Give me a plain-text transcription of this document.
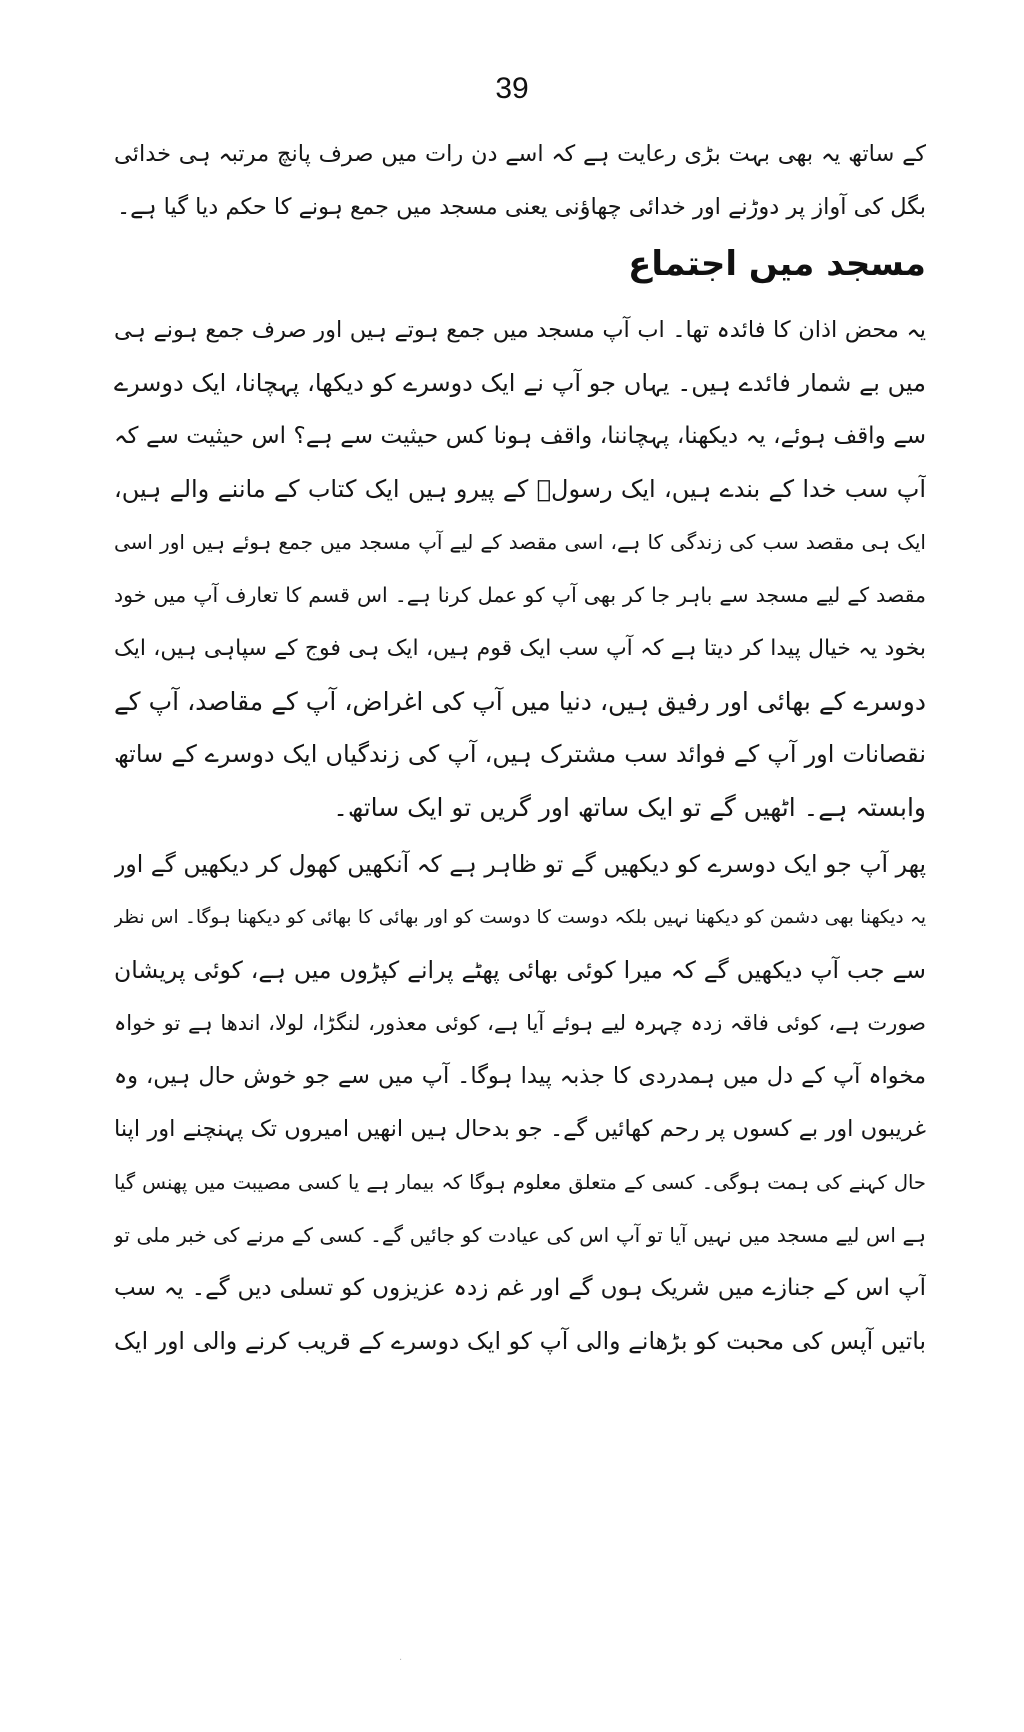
39
کے ساتھ یہ بھی بہت بڑی رعایت ہے کہ اسے دن رات میں صرف پانچ مرتبہ ہی خدائی
بگل کی آواز پر دوڑنے اور خدائی چھاؤنی یعنی مسجد میں جمع ہونے کا حکم دیا گیا ہے۔
مسجد میں اجتماع
یہ محض اذان کا فائدہ تھا۔ اب آپ مسجد میں جمع ہوتے ہیں اور صرف جمع ہونے ہی
میں بے شمار فائدے ہیں۔ یہاں جو آپ نے ایک دوسرے کو دیکھا، پہچانا، ایک دوسرے
سے واقف ہوئے، یہ دیکھنا، پہچاننا، واقف ہونا کس حیثیت سے ہے؟ اس حیثیت سے کہ
آپ سب خدا کے بندے ہیں، ایک رسولؐ کے پیرو ہیں ایک کتاب کے ماننے والے ہیں،
ایک ہی مقصد سب کی زندگی کا ہے، اسی مقصد کے لیے آپ مسجد میں جمع ہوئے ہیں اور اسی
مقصد کے لیے مسجد سے باہر جا کر بھی آپ کو عمل کرنا ہے۔ اس قسم کا تعارف آپ میں خود
بخود یہ خیال پیدا کر دیتا ہے کہ آپ سب ایک قوم ہیں، ایک ہی فوج کے سپاہی ہیں، ایک
دوسرے کے بھائی اور رفیق ہیں، دنیا میں آپ کی اغراض، آپ کے مقاصد، آپ کے
نقصانات اور آپ کے فوائد سب مشترک ہیں، آپ کی زندگیاں ایک دوسرے کے ساتھ
وابستہ ہے۔ اٹھیں گے تو ایک ساتھ اور گریں تو ایک ساتھ۔
پھر آپ جو ایک دوسرے کو دیکھیں گے تو ظاہر ہے کہ آنکھیں کھول کر دیکھیں گے اور
یہ دیکھنا بھی دشمن کو دیکھنا نہیں بلکہ دوست کا دوست کو اور بھائی کا بھائی کو دیکھنا ہوگا۔ اس نظر
سے جب آپ دیکھیں گے کہ میرا کوئی بھائی پھٹے پرانے کپڑوں میں ہے، کوئی پریشان
صورت ہے، کوئی فاقہ زدہ چہرہ لیے ہوئے آیا ہے، کوئی معذور، لنگڑا، لولا، اندھا ہے تو خواہ
مخواہ آپ کے دل میں ہمدردی کا جذبہ پیدا ہوگا۔ آپ میں سے جو خوش حال ہیں، وہ
غریبوں اور بے کسوں پر رحم کھائیں گے۔ جو بدحال ہیں انھیں امیروں تک پہنچنے اور اپنا
حال کہنے کی ہمت ہوگی۔ کسی کے متعلق معلوم ہوگا کہ بیمار ہے یا کسی مصیبت میں پھنس گیا
ہے اس لیے مسجد میں نہیں آیا تو آپ اس کی عیادت کو جائیں گے۔ کسی کے مرنے کی خبر ملی تو
آپ اس کے جنازے میں شریک ہوں گے اور غم زدہ عزیزوں کو تسلی دیں گے۔ یہ سب
باتیں آپس کی محبت کو بڑھانے والی آپ کو ایک دوسرے کے قریب کرنے والی اور ایک
·
